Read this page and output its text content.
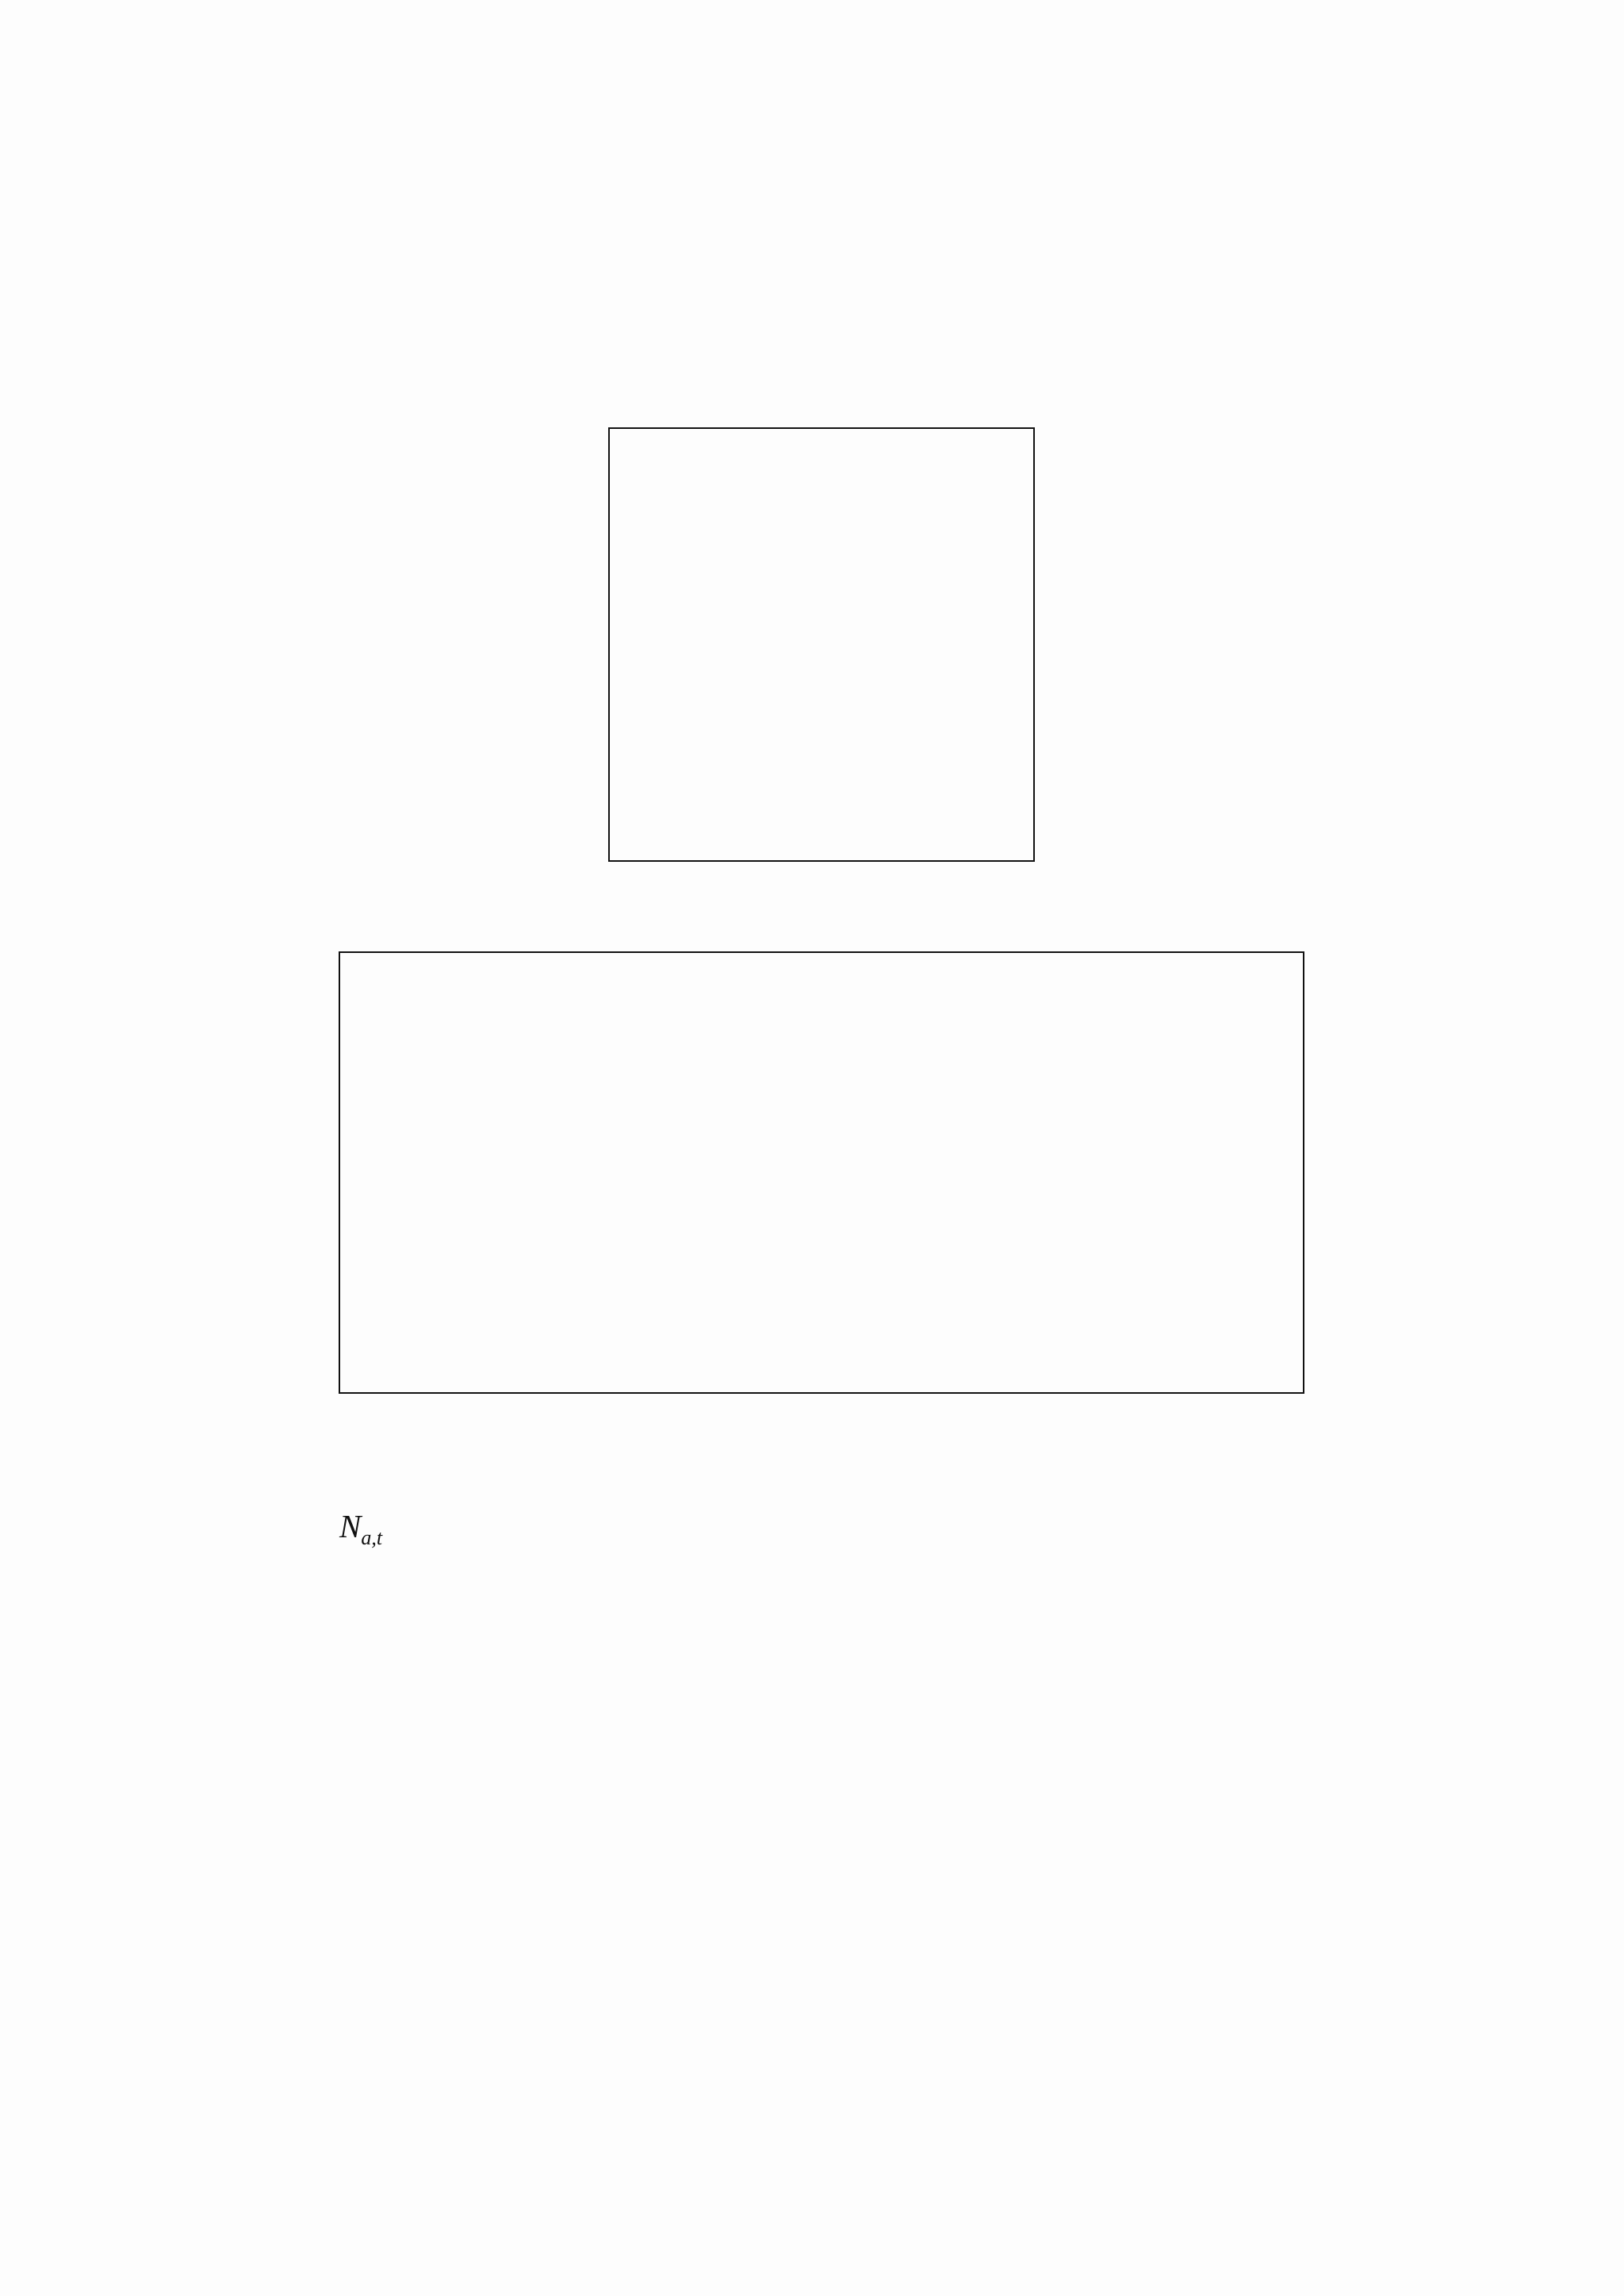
$N_{a,t}$
